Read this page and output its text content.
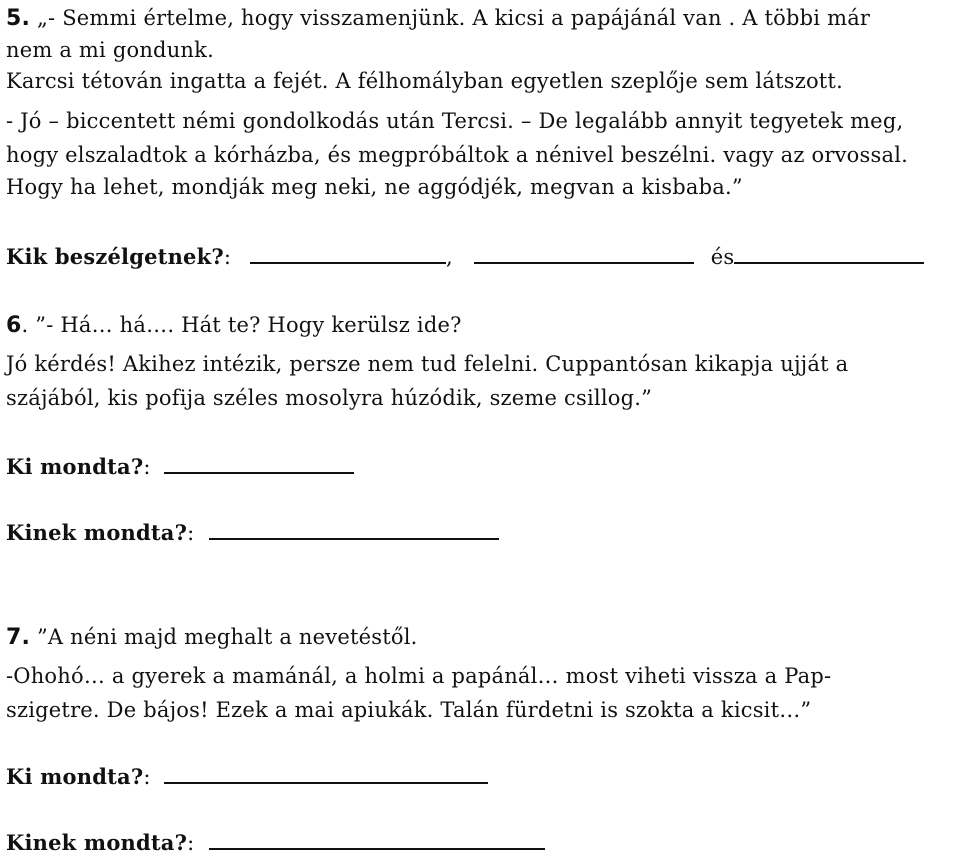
5. „- Semmi értelme, hogy visszamenjünk. A kicsi a papájánál van . A többi már
nem a mi gondunk.
Karcsi tétován ingatta a fejét. A félhomályban egyetlen szeplője sem látszott.
- Jó – biccentett némi gondolkodás után Tercsi. – De legalább annyit tegyetek meg,
hogy elszaladtok a kórházba, és megpróbáltok a nénivel beszélni. vagy az orvossal.
Hogy ha lehet, mondják meg neki, ne aggódjék, megvan a kisbaba.”
Kik beszélgetnek?:	,	és
6. ”- Há… há…. Hát te? Hogy kerülsz ide?
Jó kérdés! Akihez intézik, persze nem tud felelni. Cuppantósan kikapja ujját a
szájából, kis pofija széles mosolyra húzódik, szeme csillog.”
Ki mondta?:
Kinek mondta?:
7. ”A néni majd meghalt a nevetéstől.
-Ohohó… a gyerek a mamánál, a holmi a papánál… most viheti vissza a Pap-
szigetre. De bájos! Ezek a mai apiukák. Talán fürdetni is szokta a kicsit…”
Ki mondta?:
Kinek mondta?:
